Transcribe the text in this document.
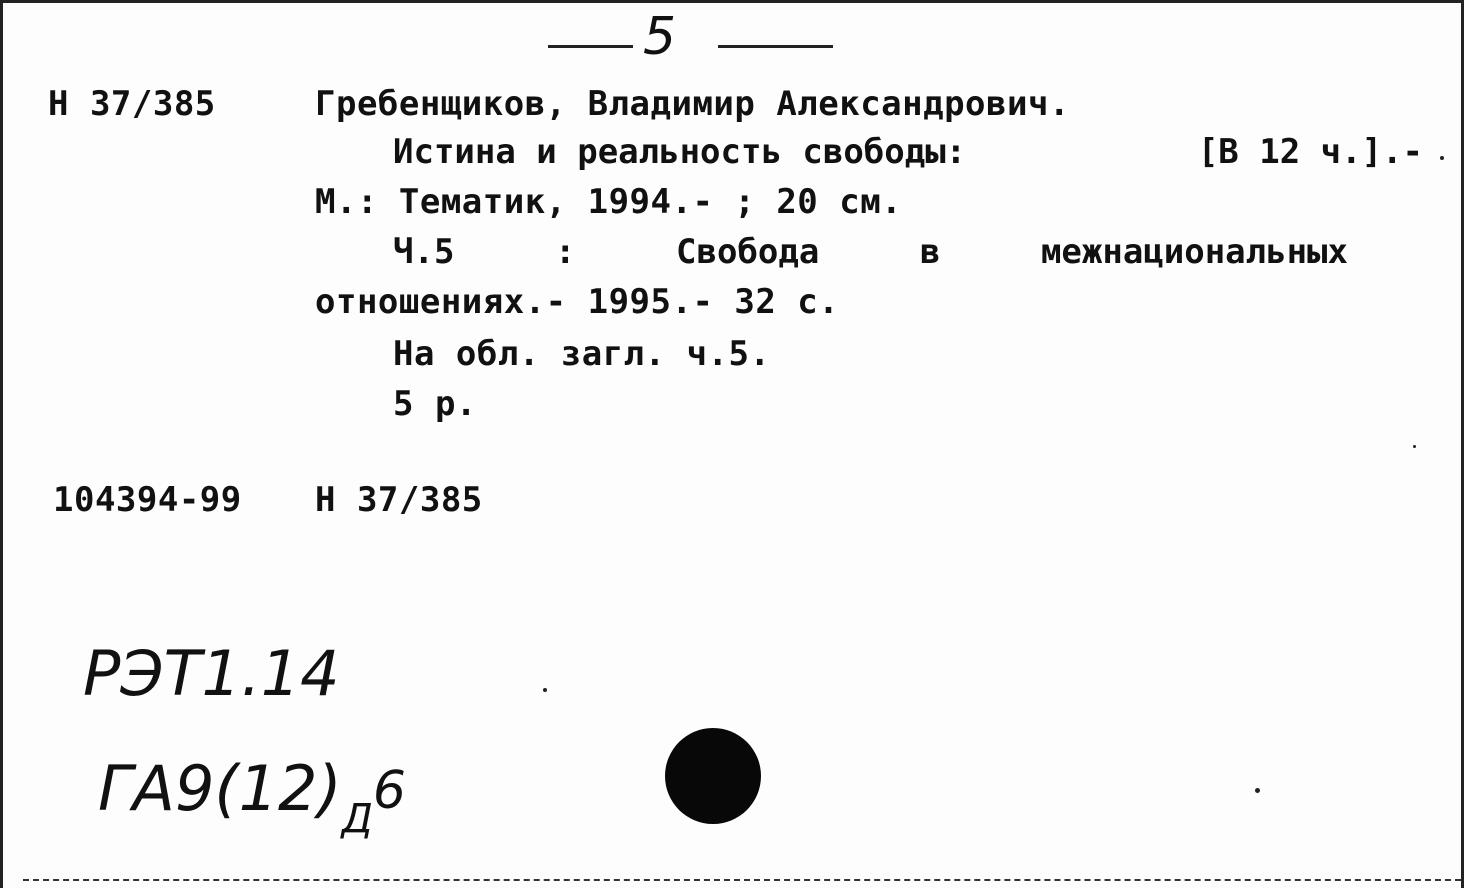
5
Н 37/385	Гребенщиков, Владимир Александрович.
Истина и реальность свободы:	[В 12 ч.].-
М.: Тематик, 1994.- ; 20 см.
Ч.5	:	Свобода	в	межнациональных
отношениях.- 1995.- 32 с.
На обл. загл. ч.5.
5 р.
104394-99 Н 37/385
РЭТ1.14
$ГА9(12)_Д6$
